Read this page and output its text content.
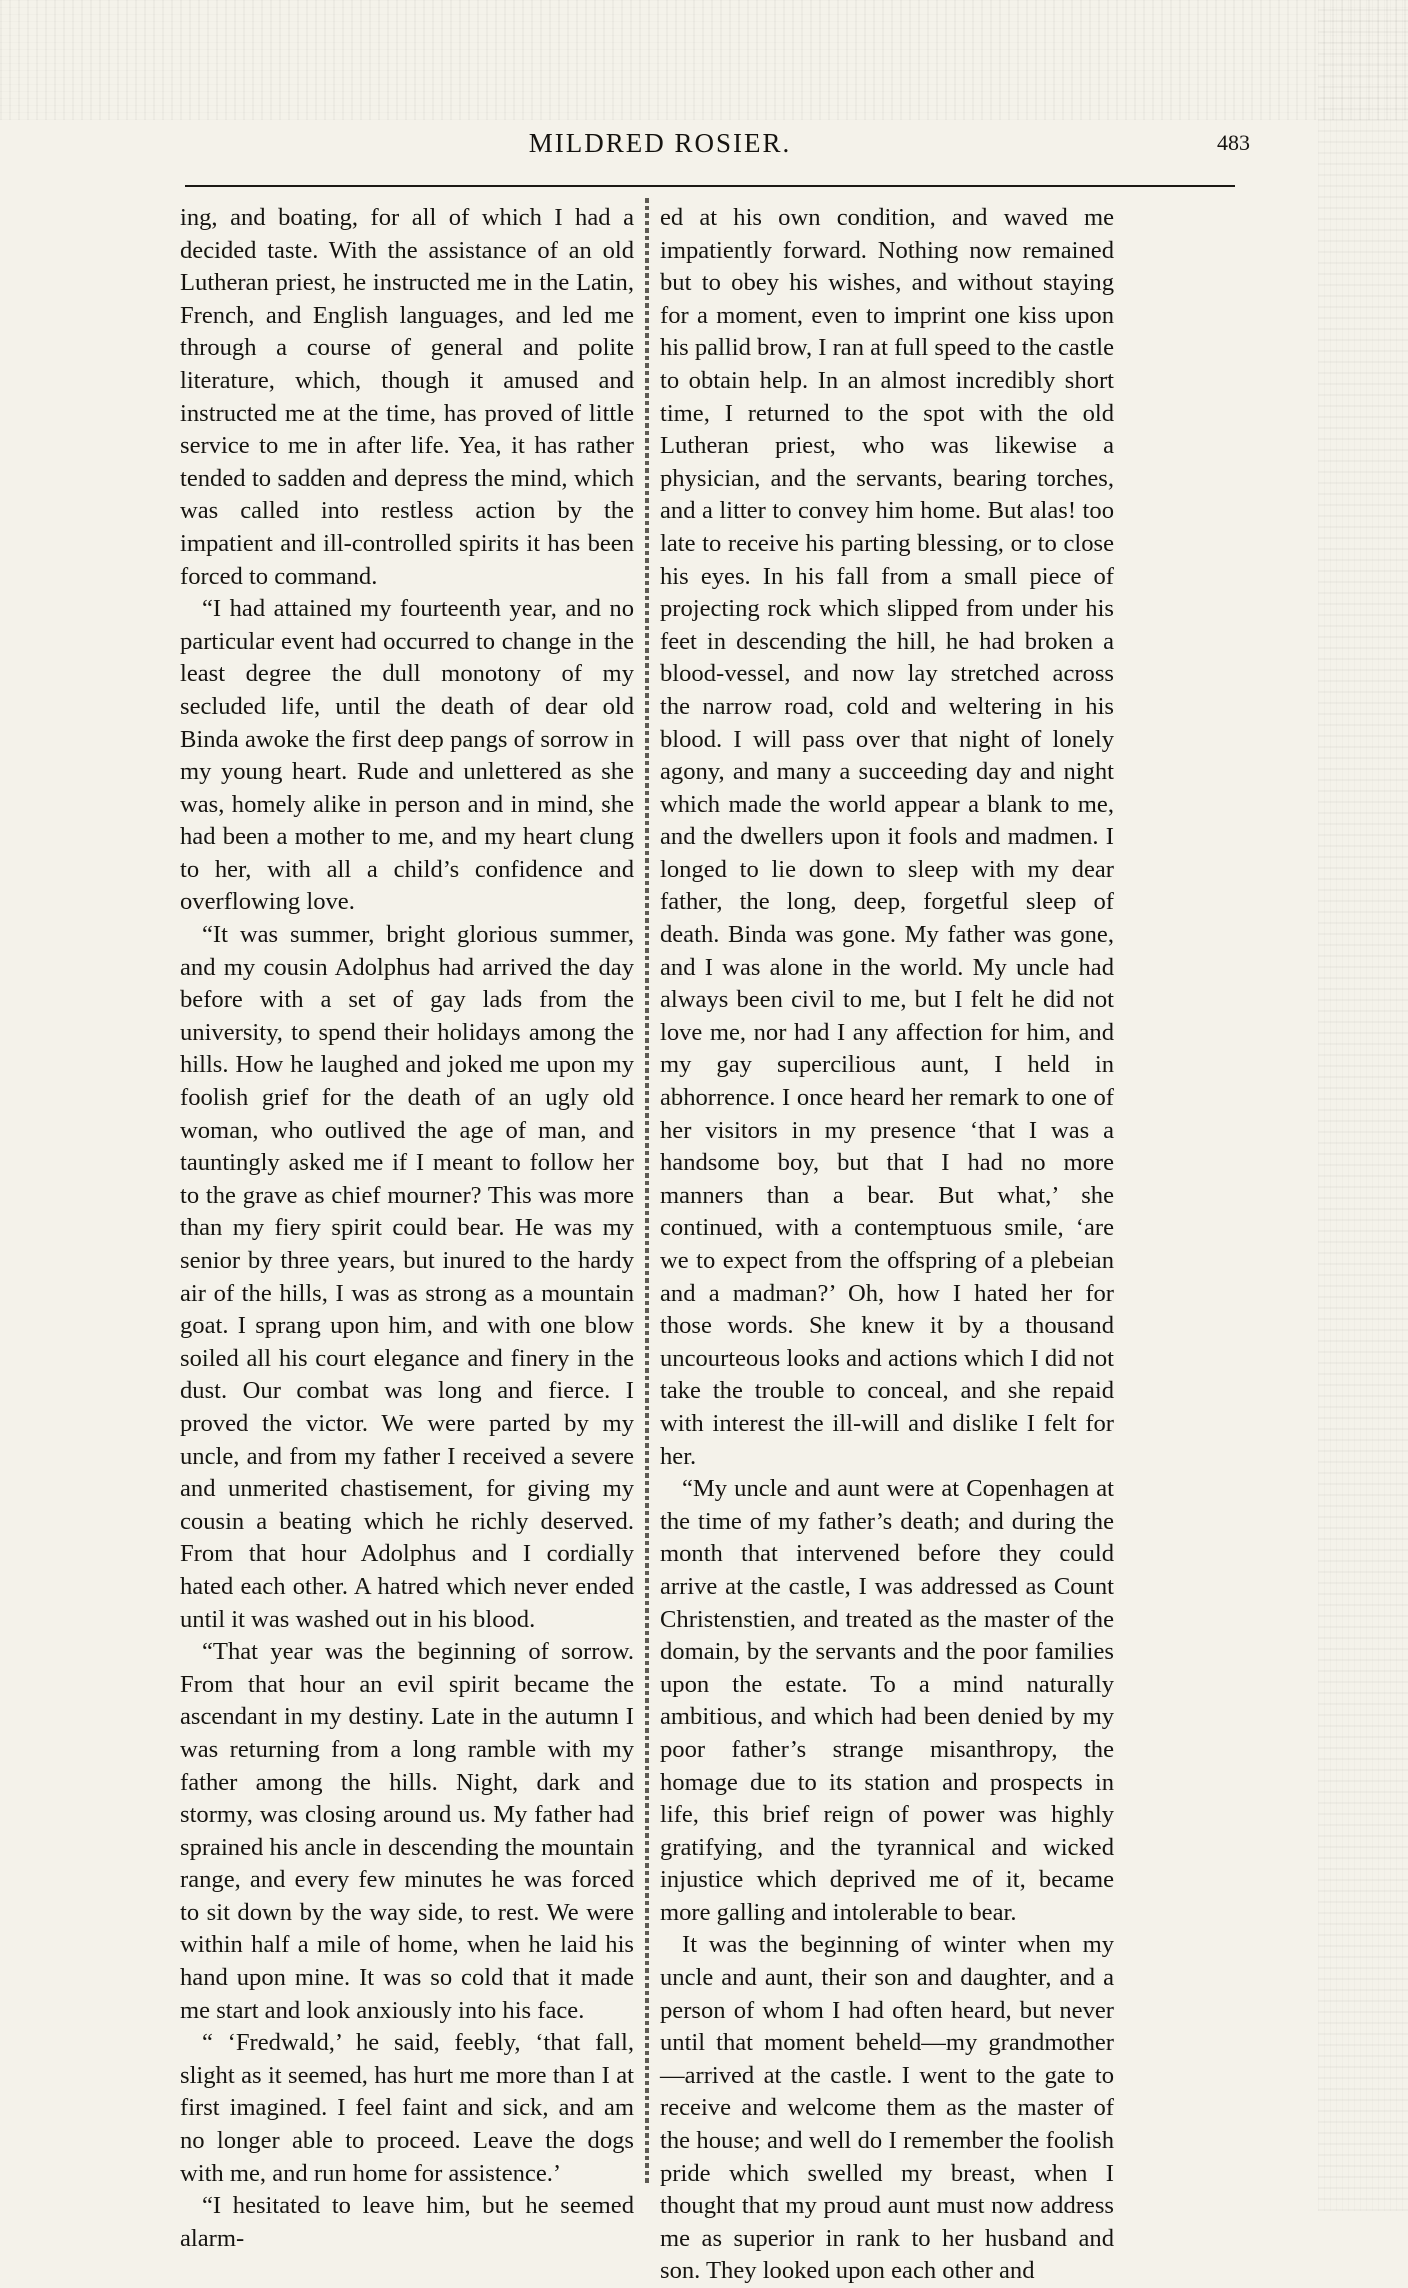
MILDRED ROSIER.	483

ing, and boating, for all of which I had a decided taste. With the assistance of an old Lutheran priest, he instructed me in the Latin, French, and English languages, and led me through a course of general and polite literature, which, though it amused and instructed me at the time, has proved of little service to me in after life. Yea, it has rather tended to sadden and depress the mind, which was called into restless action by the impatient and ill-controlled spirits it has been forced to command.

“I had attained my fourteenth year, and no particular event had occurred to change in the least degree the dull monotony of my secluded life, until the death of dear old Binda awoke the first deep pangs of sorrow in my young heart. Rude and unlettered as she was, homely alike in person and in mind, she had been a mother to me, and my heart clung to her, with all a child’s confidence and overflowing love.

“It was summer, bright glorious summer, and my cousin Adolphus had arrived the day before with a set of gay lads from the university, to spend their holidays among the hills. How he laughed and joked me upon my foolish grief for the death of an ugly old woman, who outlived the age of man, and tauntingly asked me if I meant to follow her to the grave as chief mourner? This was more than my fiery spirit could bear. He was my senior by three years, but inured to the hardy air of the hills, I was as strong as a mountain goat. I sprang upon him, and with one blow soiled all his court elegance and finery in the dust. Our combat was long and fierce. I proved the victor. We were parted by my uncle, and from my father I received a severe and unmerited chastisement, for giving my cousin a beating which he richly deserved. From that hour Adolphus and I cordially hated each other. A hatred which never ended until it was washed out in his blood.

“That year was the beginning of sorrow. From that hour an evil spirit became the ascendant in my destiny. Late in the autumn I was returning from a long ramble with my father among the hills. Night, dark and stormy, was closing around us. My father had sprained his ancle in descending the mountain range, and every few minutes he was forced to sit down by the way side, to rest. We were within half a mile of home, when he laid his hand upon mine. It was so cold that it made me start and look anxiously into his face.

“ ‘Fredwald,’ he said, feebly, ‘that fall, slight as it seemed, has hurt me more than I at first imagined. I feel faint and sick, and am no longer able to proceed. Leave the dogs with me, and run home for assistence.’

“I hesitated to leave him, but he seemed alarm-

ed at his own condition, and waved me impatiently forward. Nothing now remained but to obey his wishes, and without staying for a moment, even to imprint one kiss upon his pallid brow, I ran at full speed to the castle to obtain help. In an almost incredibly short time, I returned to the spot with the old Lutheran priest, who was likewise a physician, and the servants, bearing torches, and a litter to convey him home. But alas! too late to receive his parting blessing, or to close his eyes. In his fall from a small piece of projecting rock which slipped from under his feet in descending the hill, he had broken a blood-vessel, and now lay stretched across the narrow road, cold and weltering in his blood. I will pass over that night of lonely agony, and many a succeeding day and night which made the world appear a blank to me, and the dwellers upon it fools and madmen. I longed to lie down to sleep with my dear father, the long, deep, forgetful sleep of death. Binda was gone. My father was gone, and I was alone in the world. My uncle had always been civil to me, but I felt he did not love me, nor had I any affection for him, and my gay supercilious aunt, I held in abhorrence. I once heard her remark to one of her visitors in my presence ‘that I was a handsome boy, but that I had no more manners than a bear. But what,’ she continued, with a contemptuous smile, ‘are we to expect from the offspring of a plebeian and a madman?’ Oh, how I hated her for those words. She knew it by a thousand uncourteous looks and actions which I did not take the trouble to conceal, and she repaid with interest the ill-will and dislike I felt for her.

“My uncle and aunt were at Copenhagen at the time of my father’s death; and during the month that intervened before they could arrive at the castle, I was addressed as Count Christenstien, and treated as the master of the domain, by the servants and the poor families upon the estate. To a mind naturally ambitious, and which had been denied by my poor father’s strange misanthropy, the homage due to its station and prospects in life, this brief reign of power was highly gratifying, and the tyrannical and wicked injustice which deprived me of it, became more galling and intolerable to bear.

It was the beginning of winter when my uncle and aunt, their son and daughter, and a person of whom I had often heard, but never until that moment beheld—my grandmother—arrived at the castle. I went to the gate to receive and welcome them as the master of the house; and well do I remember the foolish pride which swelled my breast, when I thought that my proud aunt must now address me as superior in rank to her husband and son. They looked upon each other and
